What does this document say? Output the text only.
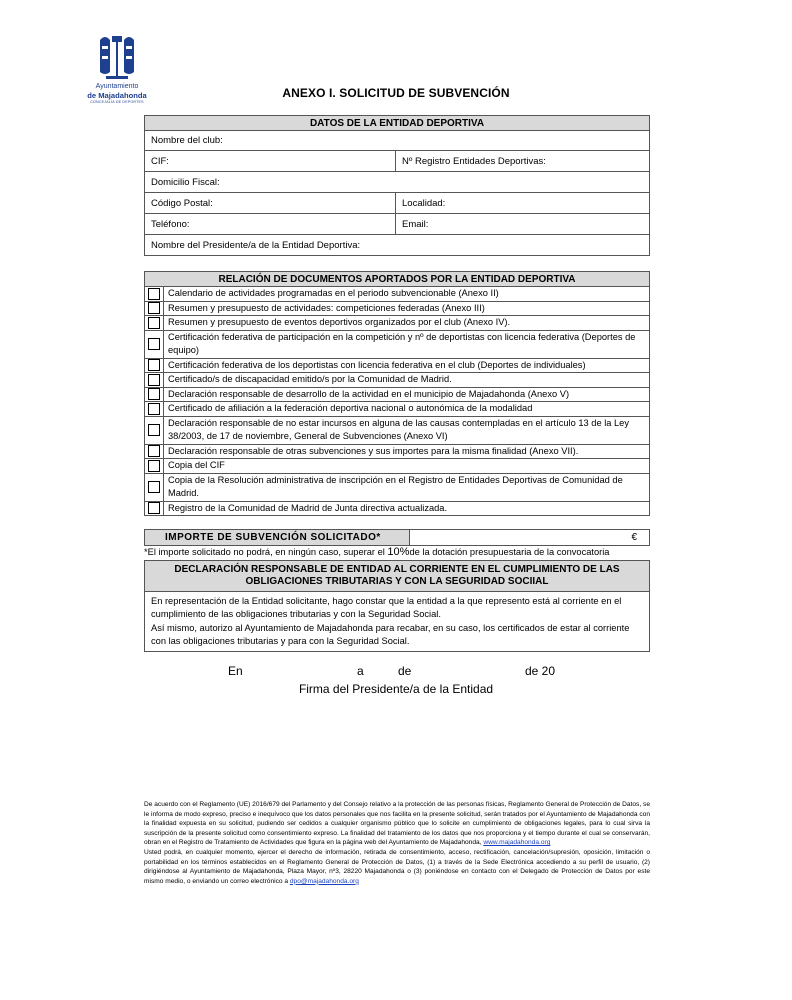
Ayuntamiento
de Majadahonda
CONCEJALÍA DE DEPORTES
ANEXO I. SOLICITUD DE SUBVENCIÓN
DATOS DE LA ENTIDAD DEPORTIVA	
Nombre del club:	
CIF:	Nº Registro Entidades Deportivas:
Domicilio Fiscal:	
Código Postal:	Localidad:
Teléfono:	Email:
Nombre del Presidente/a de la Entidad Deportiva:	
RELACIÓN DE DOCUMENTOS APORTADOS POR LA ENTIDAD DEPORTIVA	
	Calendario de actividades programadas en el periodo subvencionable (Anexo II)
	Resumen y presupuesto de actividades: competiciones federadas (Anexo III)
	Resumen y presupuesto de eventos deportivos organizados por el club (Anexo IV).
	Certificación federativa de participación en la competición y nº de deportistas con licencia federativa (Deportes de equipo)
	Certificación federativa de los deportistas con licencia federativa en el club (Deportes de individuales)
	Certificado/s de discapacidad emitido/s por la Comunidad de Madrid.
	Declaración responsable de desarrollo de la actividad en el municipio de Majadahonda (Anexo V)
	Certificado de afiliación a la federación deportiva nacional o autonómica de la modalidad
	Declaración responsable de no estar incursos en alguna de las causas contempladas en el artículo 13 de la Ley 38/2003, de 17 de noviembre, General de Subvenciones (Anexo VI)
	Declaración responsable de otras subvenciones y sus importes para la misma finalidad (Anexo VII).
	Copia del CIF
	Copia de la Resolución administrativa de inscripción en el Registro de Entidades Deportivas de Comunidad de Madrid.
	Registro de la Comunidad de Madrid de Junta directiva actualizada.
IMPORTE DE SUBVENCIÓN SOLICITADO*	€
*El importe solicitado no podrá, en ningún caso, superar el 10%de la dotación presupuestaria de la convocatoria
DECLARACIÓN RESPONSABLE DE ENTIDAD AL CORRIENTE EN EL CUMPLIMIENTO DE LAS
OBLIGACIONES TRIBUTARIAS Y CON LA SEGURIDAD SOCIIAL

En representación de la Entidad solicitante, hago constar que la entidad a la que represento está al corriente en el cumplimiento de las obligaciones tributarias y con la Seguridad Social.
Así mismo, autorizo al Ayuntamiento de Majadahonda para recabar, en su caso, los certificados de estar al corriente con las obligaciones tributarias y para con la Seguridad Social.
En	a	de	de 20
Firma del Presidente/a de la Entidad
De acuerdo con el Reglamento (UE) 2016/679 del Parlamento y del Consejo relativo a la protección de las personas físicas, Reglamento General de Protección de Datos, se le informa de modo expreso, preciso e inequívoco que los datos personales que nos facilita en la presente solicitud, serán tratados por el Ayuntamiento de Majadahonda con la finalidad expuesta en su solicitud, pudiendo ser cedidos a cualquier organismo público que lo solicite en cumplimiento de obligaciones legales, para lo cual sirva la suscripción de la presente solicitud como consentimiento expreso. La finalidad del tratamiento de los datos que nos proporciona y el tiempo durante el cual se conservarán, obran en el Registro de Tratamiento de Actividades que figura en la página web del Ayuntamiento de Majadahonda, www.majadahonda.org
Usted podrá, en cualquier momento, ejercer el derecho de información, retirada de consentimiento, acceso, rectificación, cancelación/supresión, oposición, limitación o portabilidad en los términos establecidos en el Reglamento General de Protección de Datos, (1) a través de la Sede Electrónica accediendo a su perfil de usuario, (2) dirigiéndose al Ayuntamiento de Majadahonda, Plaza Mayor, nº3, 28220 Majadahonda o (3) poniéndose en contacto con el Delegado de Protección de Datos por este mismo medio, o enviando un correo electrónico a dpo@majadahonda.org
